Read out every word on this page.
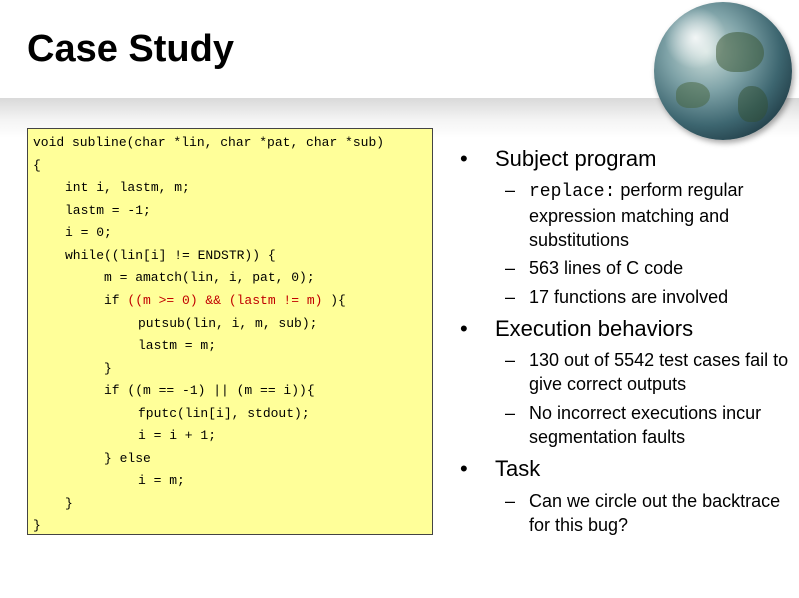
Case Study
void subline(char *lin, char *pat, char *sub)
{
int i, lastm, m;
lastm = -1;
i = 0;
while((lin[i] != ENDSTR)) {
m = amatch(lin, i, pat, 0);
if ((m >= 0) && (lastm != m) ){
putsub(lin, i, m, sub);
lastm = m;
}
if ((m == -1) || (m == i)){
fputc(lin[i], stdout);
i = i + 1;
} else
i = m;
}
}
• Subject program
– replace: perform regular expression matching and substitutions
– 563 lines of C code
– 17 functions are involved
• Execution behaviors
– 130 out of 5542 test cases fail to give correct outputs
– No incorrect executions incur segmentation faults
• Task
– Can we circle out the backtrace for this bug?
